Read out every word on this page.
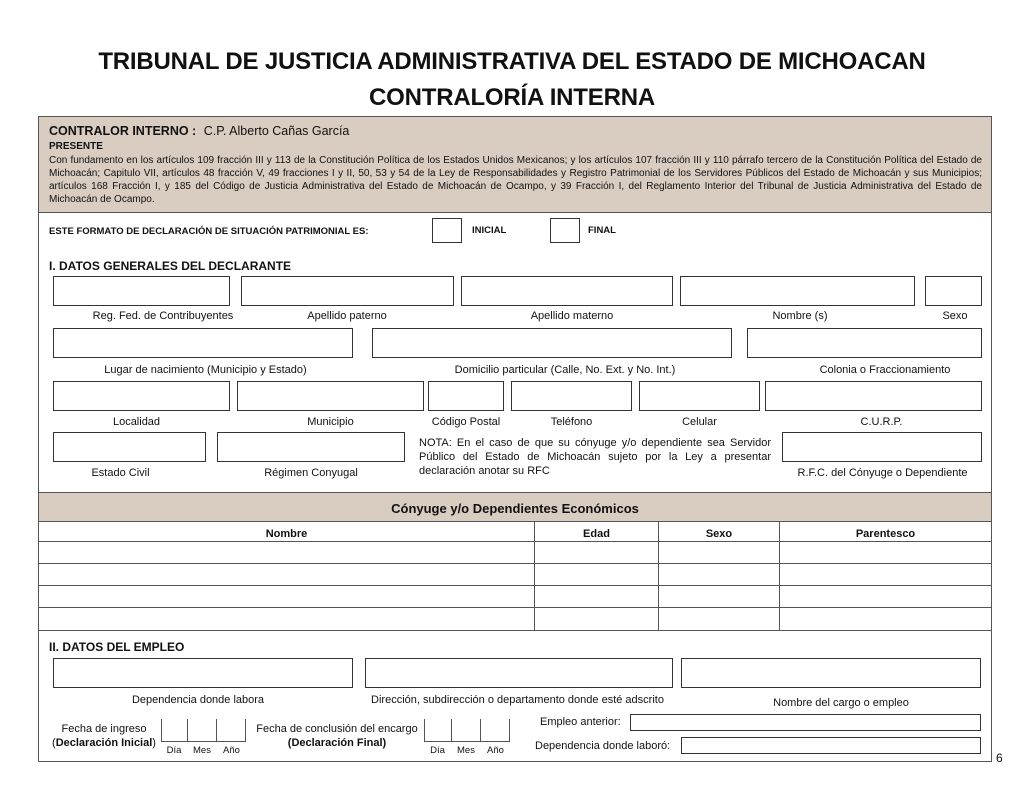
TRIBUNAL DE JUSTICIA ADMINISTRATIVA DEL ESTADO DE MICHOACAN
CONTRALORÍA INTERNA
CONTRALOR INTERNO : C.P. Alberto Cañas García
PRESENTE
Con fundamento en los artículos 109 fracción III y 113 de la Constitución Política de los Estados Unidos Mexicanos; y los artículos 107 fracción III y 110 párrafo tercero de la Constitución Política del Estado de Michoacán; Capitulo VII, artículos 48 fracción V, 49 fracciones I y II, 50, 53 y 54 de la Ley de Responsabilidades y Registro Patrimonial de los Servidores Públicos del Estado de Michoacán y sus Municipios; artículos 168 Fracción I, y 185 del Código de Justicia Administrativa del Estado de Michoacán de Ocampo, y 39 Fracción I, del Reglamento Interior del Tribunal de Justicia Administrativa del Estado de Michoacán de Ocampo.
ESTE FORMATO DE DECLARACIÓN DE SITUACIÓN PATRIMONIAL ES:	INICIAL	FINAL
I. DATOS GENERALES DEL DECLARANTE
Reg. Fed. de Contribuyentes	Apellido paterno	Apellido materno	Nombre (s)	Sexo
Lugar de nacimiento (Municipio y Estado)	Domicilio particular (Calle, No. Ext. y No. Int.)	Colonia o Fraccionamiento
Localidad	Municipio	Código Postal	Teléfono	Celular	C.U.R.P.
NOTA: En el caso de que su cónyuge y/o dependiente sea Servidor Público del Estado de Michoacán sujeto por la Ley a presentar declaración anotar su RFC
Estado Civil	Régimen Conyugal	R.F.C. del Cónyuge o Dependiente
Cónyuge y/o Dependientes Económicos
Nombre	Edad	Sexo	Parentesco
II. DATOS DEL EMPLEO
Dependencia donde labora	Dirección, subdirección o departamento donde esté adscrito	Nombre del cargo o empleo
Fecha de ingreso
(Declaración Inicial)
Día	Mes	Año
Fecha de conclusión del encargo
(Declaración Final)
Día	Mes	Año
Empleo anterior:
Dependencia donde laboró:
6
